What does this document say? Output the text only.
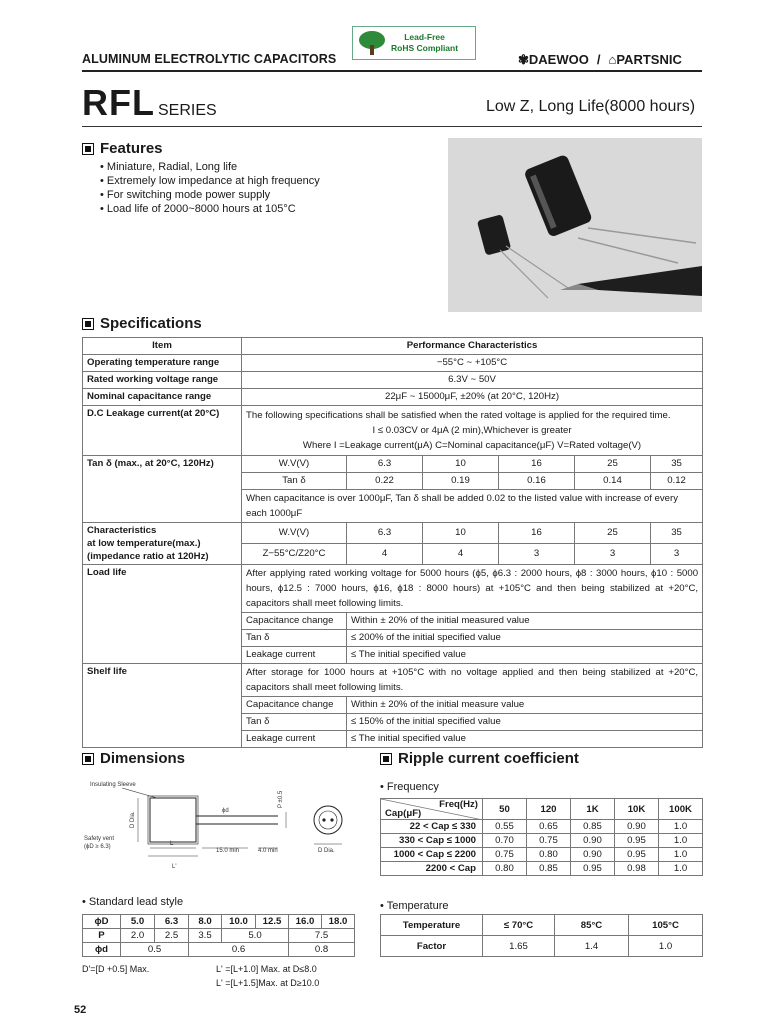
ALUMINUM ELECTROLYTIC CAPACITORS
Lead-Free
RoHS Compliant
✾DAEWOO / ⌂PARTSNIC
RFL SERIES	Low Z, Long Life(8000 hours)
Features
• Miniature, Radial, Long life
• Extremely low impedance at high frequency
• For switching mode power supply
• Load life of 2000~8000 hours at 105°C
Specifications
Item	Performance Characteristics					
Operating temperature range	−55°C ~ +105°C					
Rated working voltage range	6.3V ~ 50V					
Nominal capacitance range	22μF ~ 15000μF, ±20% (at 20°C, 120Hz)					
D.C Leakage current(at 20°C)	The following specifications shall be satisfied when the rated voltage is applied for the required time.
I ≤ 0.03CV or 4μA (2 min),Whichever is greater
Where I =Leakage current(μA) C=Nominal capacitance(μF) V=Rated voltage(V)					

Tan δ (max., at 20°C, 120Hz)	W.V(V)	6.3	10	16	25	35
	Tan δ	0.22	0.19	0.16	0.14	0.12
	When capacitance is over 1000μF, Tan δ shall be added 0.02 to the listed value with increase of every each 1000μF					

Characteristics
at low temperature(max.)
(impedance ratio at 120Hz)	W.V(V)	6.3	10	16	25	35
	Z−55°C/Z20°C	4	4	3	3	3
Load life	After applying rated working voltage for 5000 hours (ϕ5, ϕ6.3 : 2000 hours, ϕ8 : 3000 hours, ϕ10 : 5000 hours, ϕ12.5 : 7000 hours, ϕ16, ϕ18 : 8000 hours) at +105°C and then being stabilized at +20°C, capacitors shall meet following limits.					
	Capacitance change	Within ± 20% of the initial measured value				
	Tan δ	≤ 200% of the initial specified value				
	Leakage current	≤ The initial specified value				
Shelf life	After storage for 1000 hours at +105°C with no voltage applied and then being stabilized at +20°C, capacitors shall meet following limits.					
	Capacitance change	Within ± 20% of the initial measure value				
	Tan δ	≤ 150% of the initial specified value				
	Leakage current	≤ The initial specified value				
Dimensions
Insulating Sleeve
D Dia.
P ±0.5
ϕd
Safety vent
(ϕD ≥ 6.3)	L
15.0 min	4.0 min
L'
D Dia.
• Standard lead style
ϕD	5.0	6.3	8.0	10.0	12.5	16.0	18.0
P	2.0	2.5	3.5	5.0		7.5	
ϕd	0.5		0.6			0.8	
D'=[D +0.5] Max.	L' =[L+1.0] Max. at D≤8.0
L' =[L+1.5]Max. at D≥10.0
Ripple current coefficient
• Frequency
Freq(Hz)
Cap(μF)	50	120	1K	10K	100K
22 < Cap ≤ 330	0.55	0.65	0.85	0.90	1.0
330 < Cap ≤ 1000	0.70	0.75	0.90	0.95	1.0
1000 < Cap ≤ 2200	0.75	0.80	0.90	0.95	1.0
2200 < Cap	0.80	0.85	0.95	0.98	1.0
• Temperature
Temperature	≤ 70°C	85°C	105°C
Factor	1.65	1.4	1.0
52
